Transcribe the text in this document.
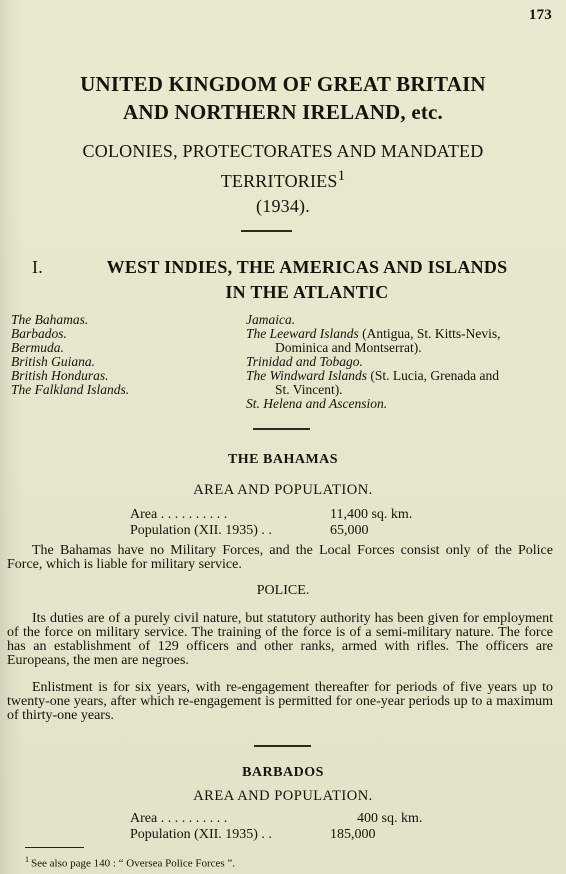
173
UNITED KINGDOM OF GREAT BRITAIN
AND NORTHERN IRELAND, etc.
COLONIES, PROTECTORATES AND MANDATED
TERRITORIES$^1$
(1934).
I.	WEST INDIES, THE AMERICAS AND ISLANDS
IN THE ATLANTIC
The Bahamas.
Barbados.
Bermuda.
British Guiana.
British Honduras.
The Falkland Islands.
Jamaica.
The Leeward Islands (Antigua, St. Kitts-Nevis,
Dominica and Montserrat).
Trinidad and Tobago.
The Windward Islands (St. Lucia, Grenada and
St. Vincent).
St. Helena and Ascension.
THE BAHAMAS
AREA AND POPULATION.
Area . . . . . . . . . .	11,400 sq. km.
Population (XII. 1935) . .	65,000
The Bahamas have no Military Forces, and the Local Forces consist only of the Police Force, which is liable for military service.
POLICE.
Its duties are of a purely civil nature, but statutory authority has been given for employment of the force on military service. The training of the force is of a semi-military nature. The force has an establishment of 129 officers and other ranks, armed with rifles. The officers are Europeans, the men are negroes.
Enlistment is for six years, with re-engagement thereafter for periods of five years up to twenty-one years, after which re-engagement is permitted for one-year periods up to a maximum of thirty-one years.
BARBADOS
AREA AND POPULATION.
Area . . . . . . . . . .	400 sq. km.
Population (XII. 1935) . .	185,000
$^1$ See also page 140 : “ Oversea Police Forces ”.
